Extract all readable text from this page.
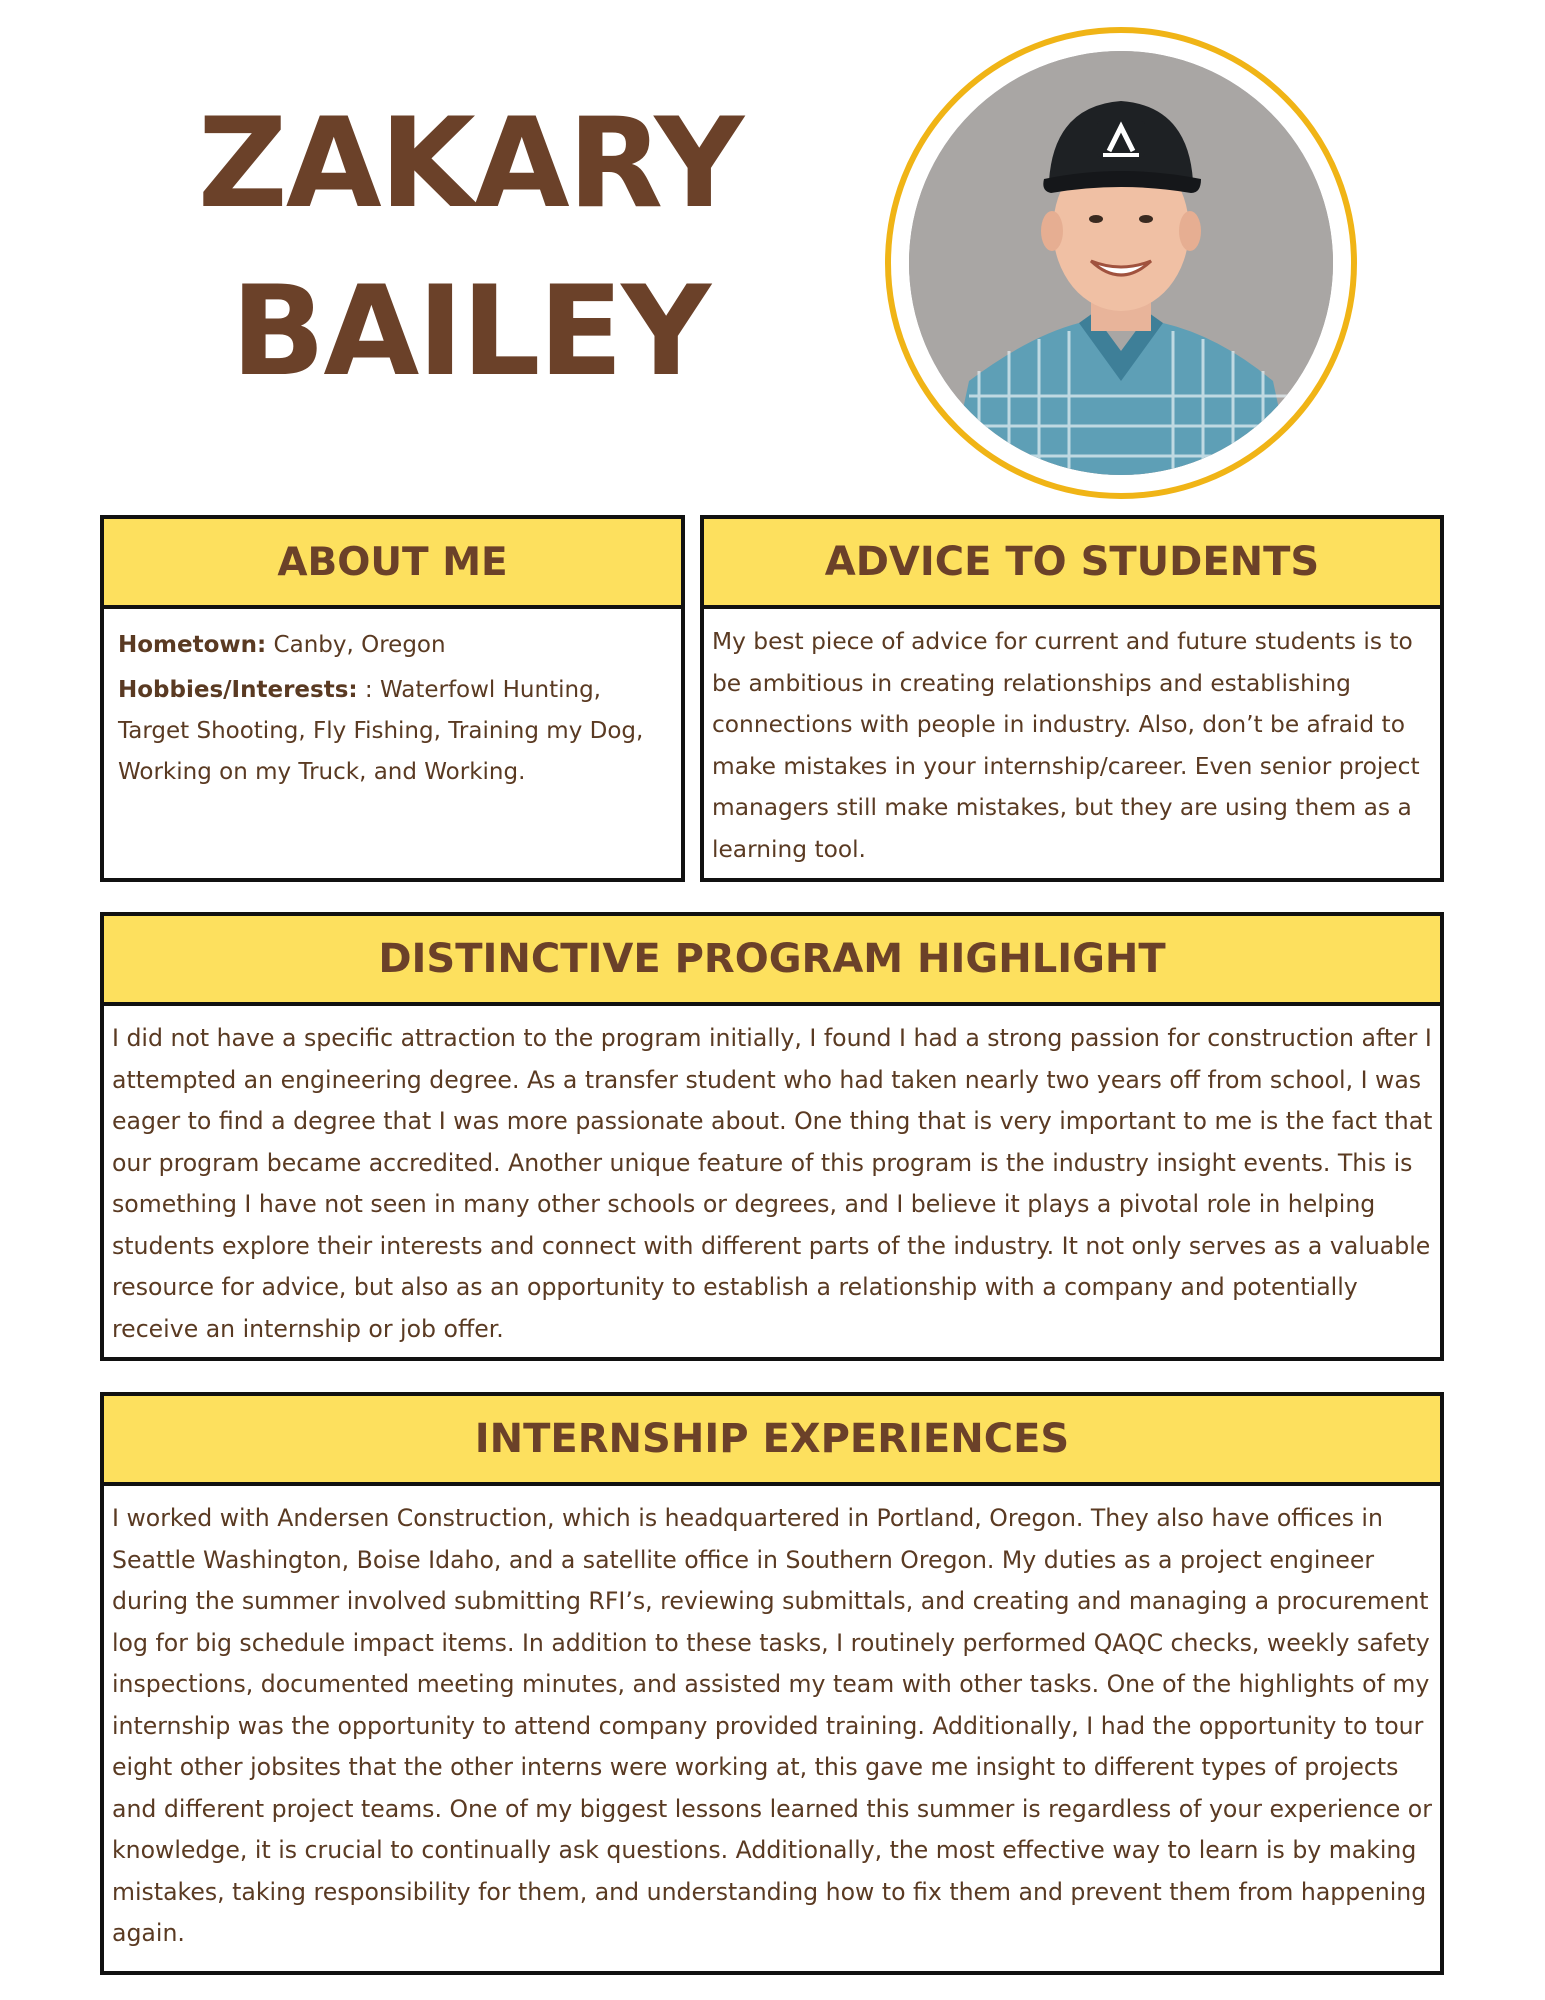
ZAKARY
BAILEY
ABOUT ME
Hometown: Canby, Oregon
Hobbies/Interests: : Waterfowl Hunting, Target Shooting, Fly Fishing, Training my Dog, Working on my Truck, and Working.
ADVICE TO STUDENTS
My best piece of advice for current and future students is to be ambitious in creating relationships and establishing connections with people in industry. Also, don’t be afraid to make mistakes in your internship/career. Even senior project managers still make mistakes, but they are using them as a learning tool.
DISTINCTIVE PROGRAM HIGHLIGHT
I did not have a specific attraction to the program initially, I found I had a strong passion for construction after I attempted an engineering degree. As a transfer student who had taken nearly two years off from school, I was eager to find a degree that I was more passionate about. One thing that is very important to me is the fact that our program became accredited. Another unique feature of this program is the industry insight events. This is something I have not seen in many other schools or degrees, and I believe it plays a pivotal role in helping students explore their interests and connect with different parts of the industry. It not only serves as a valuable resource for advice, but also as an opportunity to establish a relationship with a company and potentially receive an internship or job offer.
INTERNSHIP EXPERIENCES
I worked with Andersen Construction, which is headquartered in Portland, Oregon. They also have offices in Seattle Washington, Boise Idaho, and a satellite office in Southern Oregon. My duties as a project engineer during the summer involved submitting RFI’s, reviewing submittals, and creating and managing a procurement log for big schedule impact items. In addition to these tasks, I routinely performed QAQC checks, weekly safety inspections, documented meeting minutes, and assisted my team with other tasks. One of the highlights of my internship was the opportunity to attend company provided training. Additionally, I had the opportunity to tour eight other jobsites that the other interns were working at, this gave me insight to different types of projects and different project teams. One of my biggest lessons learned this summer is regardless of your experience or knowledge, it is crucial to continually ask questions. Additionally, the most effective way to learn is by making mistakes, taking responsibility for them, and understanding how to fix them and prevent them from happening again.
